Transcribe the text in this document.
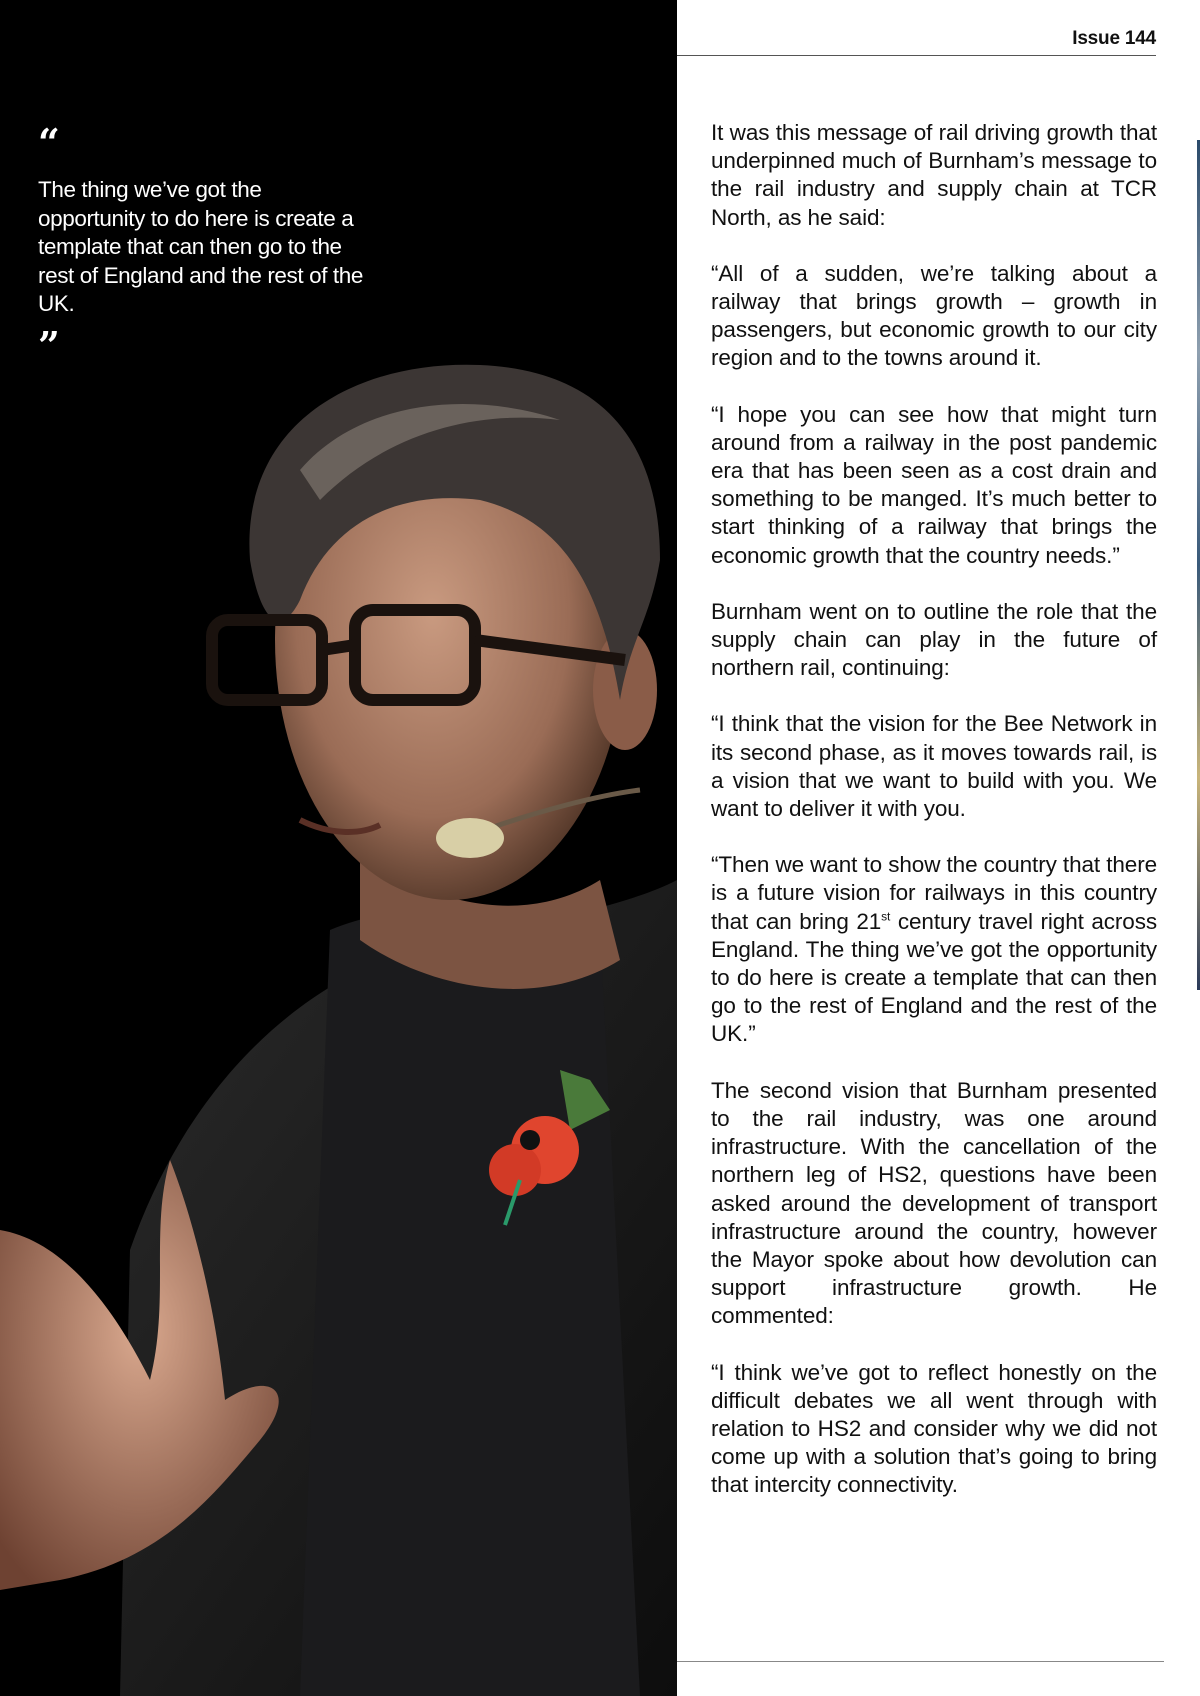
“
The thing we’ve got the opportunity to do here is create a template that can then go to the rest of England and the rest of the UK.
”
Issue 144

It was this message of rail driving growth that underpinned much of Burnham’s message to the rail industry and supply chain at TCR North, as he said:

“All of a sudden, we’re talking about a railway that brings growth – growth in passengers, but economic growth to our city region and to the towns around it.

“I hope you can see how that might turn around from a railway in the post pandemic era that has been seen as a cost drain and something to be manged. It’s much better to start thinking of a railway that brings the economic growth that the country needs.”

Burnham went on to outline the role that the supply chain can play in the future of northern rail, continuing:

“I think that the vision for the Bee Network in its second phase, as it moves towards rail, is a vision that we want to build with you. We want to deliver it with you.

“Then we want to show the country that there is a future vision for railways in this country that can bring 21st century travel right across England. The thing we’ve got the opportunity to do here is create a template that can then go to the rest of England and the rest of the UK.”

The second vision that Burnham presented to the rail industry, was one around infrastructure. With the cancellation of the northern leg of HS2, questions have been asked around the development of transport infrastructure around the country, however the Mayor spoke about how devolution can support infrastructure growth. He commented:

“I think we’ve got to reflect honestly on the difficult debates we all went through with relation to HS2 and consider why we did not come up with a solution that’s going to bring that intercity connectivity.
